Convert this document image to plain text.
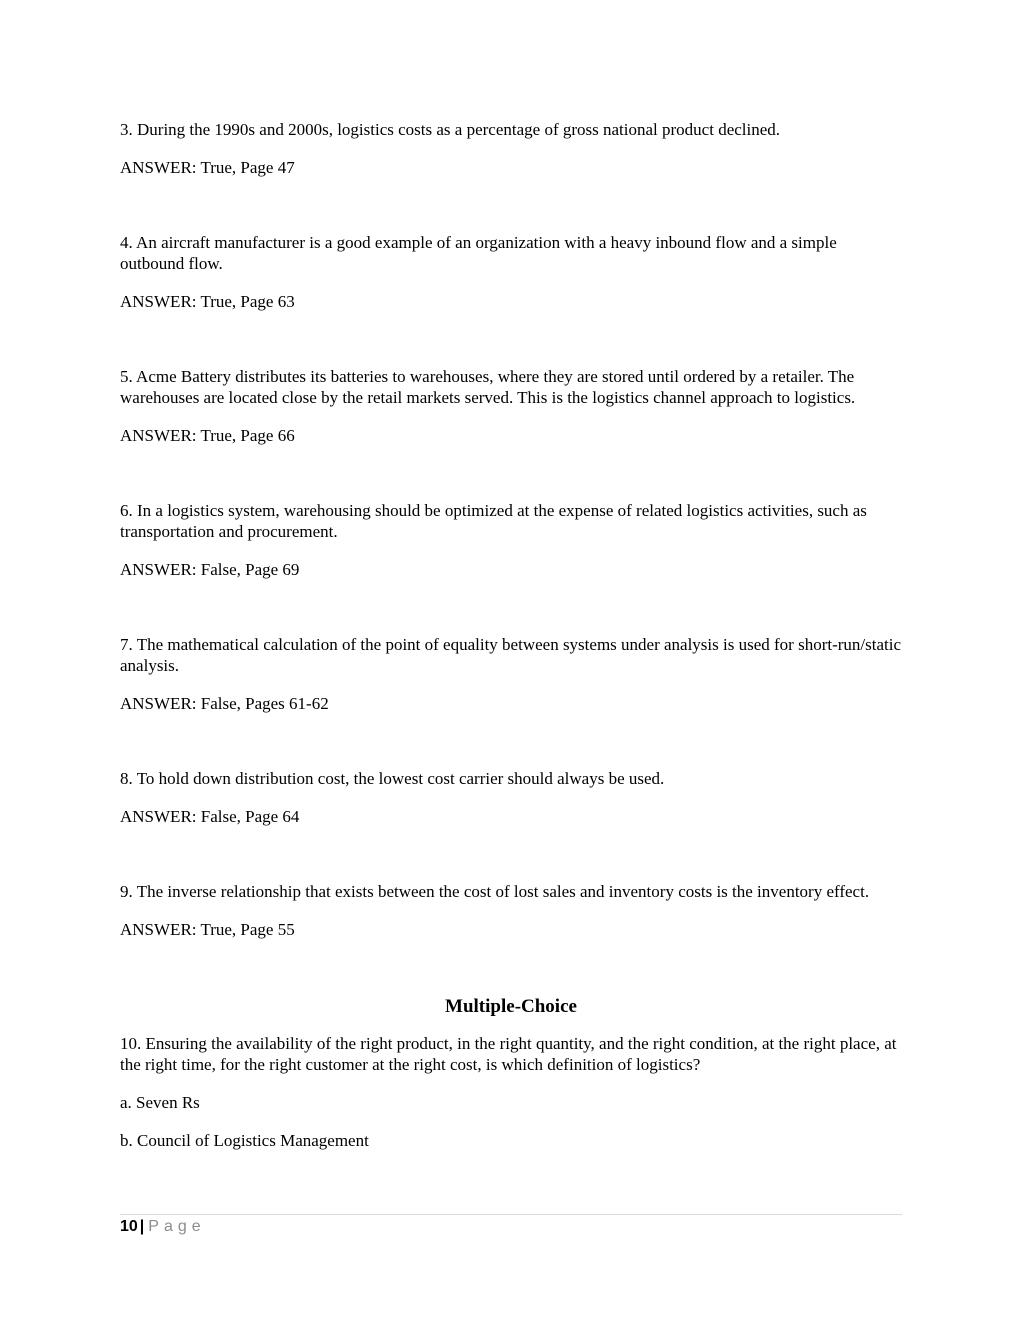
3. During the 1990s and 2000s, logistics costs as a percentage of gross national product declined.

ANSWER: True, Page 47

4. An aircraft manufacturer is a good example of an organization with a heavy inbound flow and a simple outbound flow.

ANSWER: True, Page 63

5. Acme Battery distributes its batteries to warehouses, where they are stored until ordered by a retailer. The warehouses are located close by the retail markets served. This is the logistics channel approach to logistics.

ANSWER: True, Page 66

6. In a logistics system, warehousing should be optimized at the expense of related logistics activities, such as transportation and procurement.

ANSWER: False, Page 69

7. The mathematical calculation of the point of equality between systems under analysis is used for short-run/static analysis.

ANSWER: False, Pages 61-62

8. To hold down distribution cost, the lowest cost carrier should always be used.

ANSWER: False, Page 64

9. The inverse relationship that exists between the cost of lost sales and inventory costs is the inventory effect.

ANSWER: True, Page 55

Multiple-Choice

10. Ensuring the availability of the right product, in the right quantity, and the right condition, at the right place, at the right time, for the right customer at the right cost, is which definition of logistics?

a. Seven Rs

b. Council of Logistics Management

10 | Page
